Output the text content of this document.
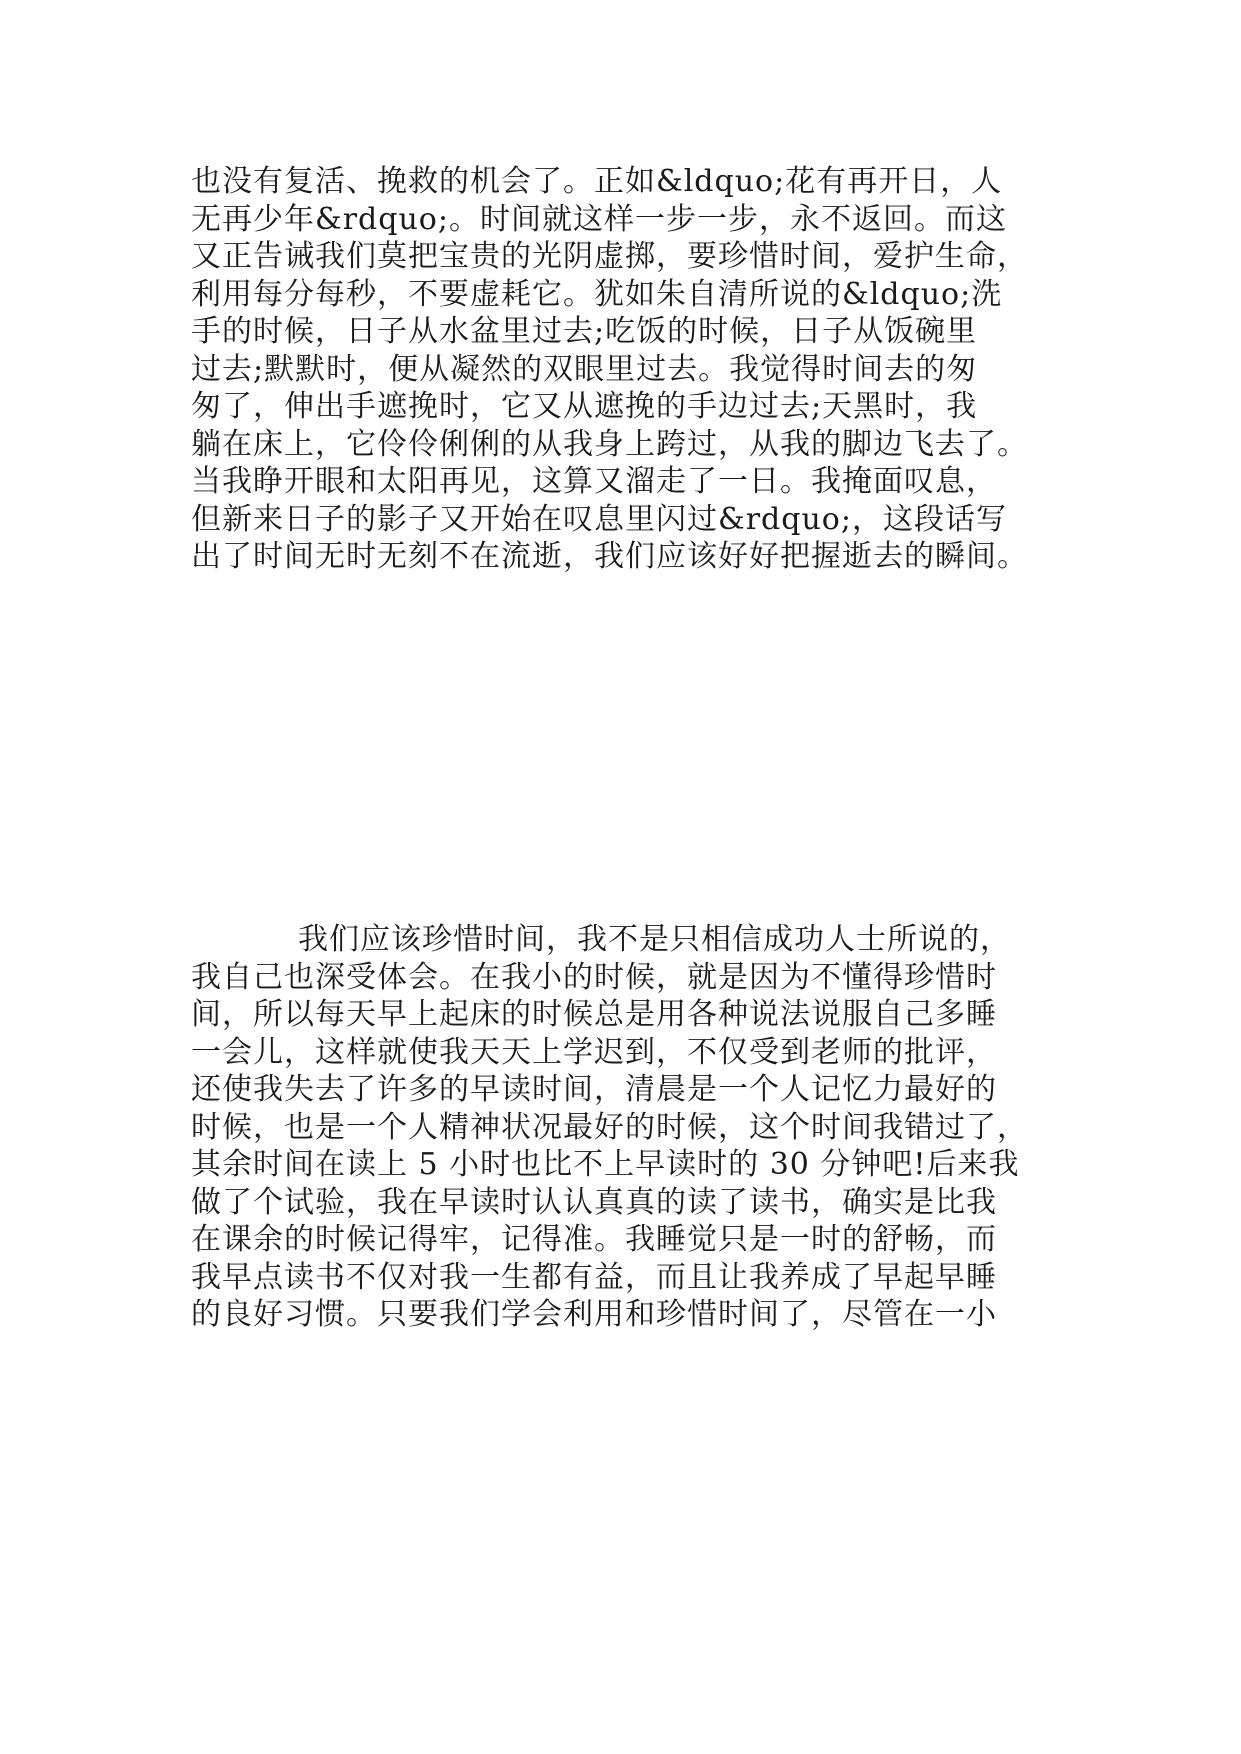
也没有复活、挽救的机会了。正如&ldquo;花有再开日，人
无再少年&rdquo;。时间就这样一步一步，永不返回。而这
又正告诫我们莫把宝贵的光阴虚掷，要珍惜时间，爱护生命，
利用每分每秒，不要虚耗它。犹如朱自清所说的&ldquo;洗
手的时候，日子从水盆里过去;吃饭的时候，日子从饭碗里
过去;默默时，便从凝然的双眼里过去。我觉得时间去的匆
匆了，伸出手遮挽时，它又从遮挽的手边过去;天黑时，我
躺在床上，它伶伶俐俐的从我身上跨过，从我的脚边飞去了。
当我睁开眼和太阳再见，这算又溜走了一日。我掩面叹息，
但新来日子的影子又开始在叹息里闪过&rdquo;，这段话写
出了时间无时无刻不在流逝，我们应该好好把握逝去的瞬间。
我们应该珍惜时间，我不是只相信成功人士所说的，
我自己也深受体会。在我小的时候，就是因为不懂得珍惜时
间，所以每天早上起床的时候总是用各种说法说服自己多睡
一会儿，这样就使我天天上学迟到，不仅受到老师的批评，
还使我失去了许多的早读时间，清晨是一个人记忆力最好的
时候，也是一个人精神状况最好的时候，这个时间我错过了，
其余时间在读上 5 小时也比不上早读时的 30 分钟吧!后来我
做了个试验，我在早读时认认真真的读了读书，确实是比我
在课余的时候记得牢，记得准。我睡觉只是一时的舒畅，而
我早点读书不仅对我一生都有益，而且让我养成了早起早睡
的良好习惯。只要我们学会利用和珍惜时间了，尽管在一小
